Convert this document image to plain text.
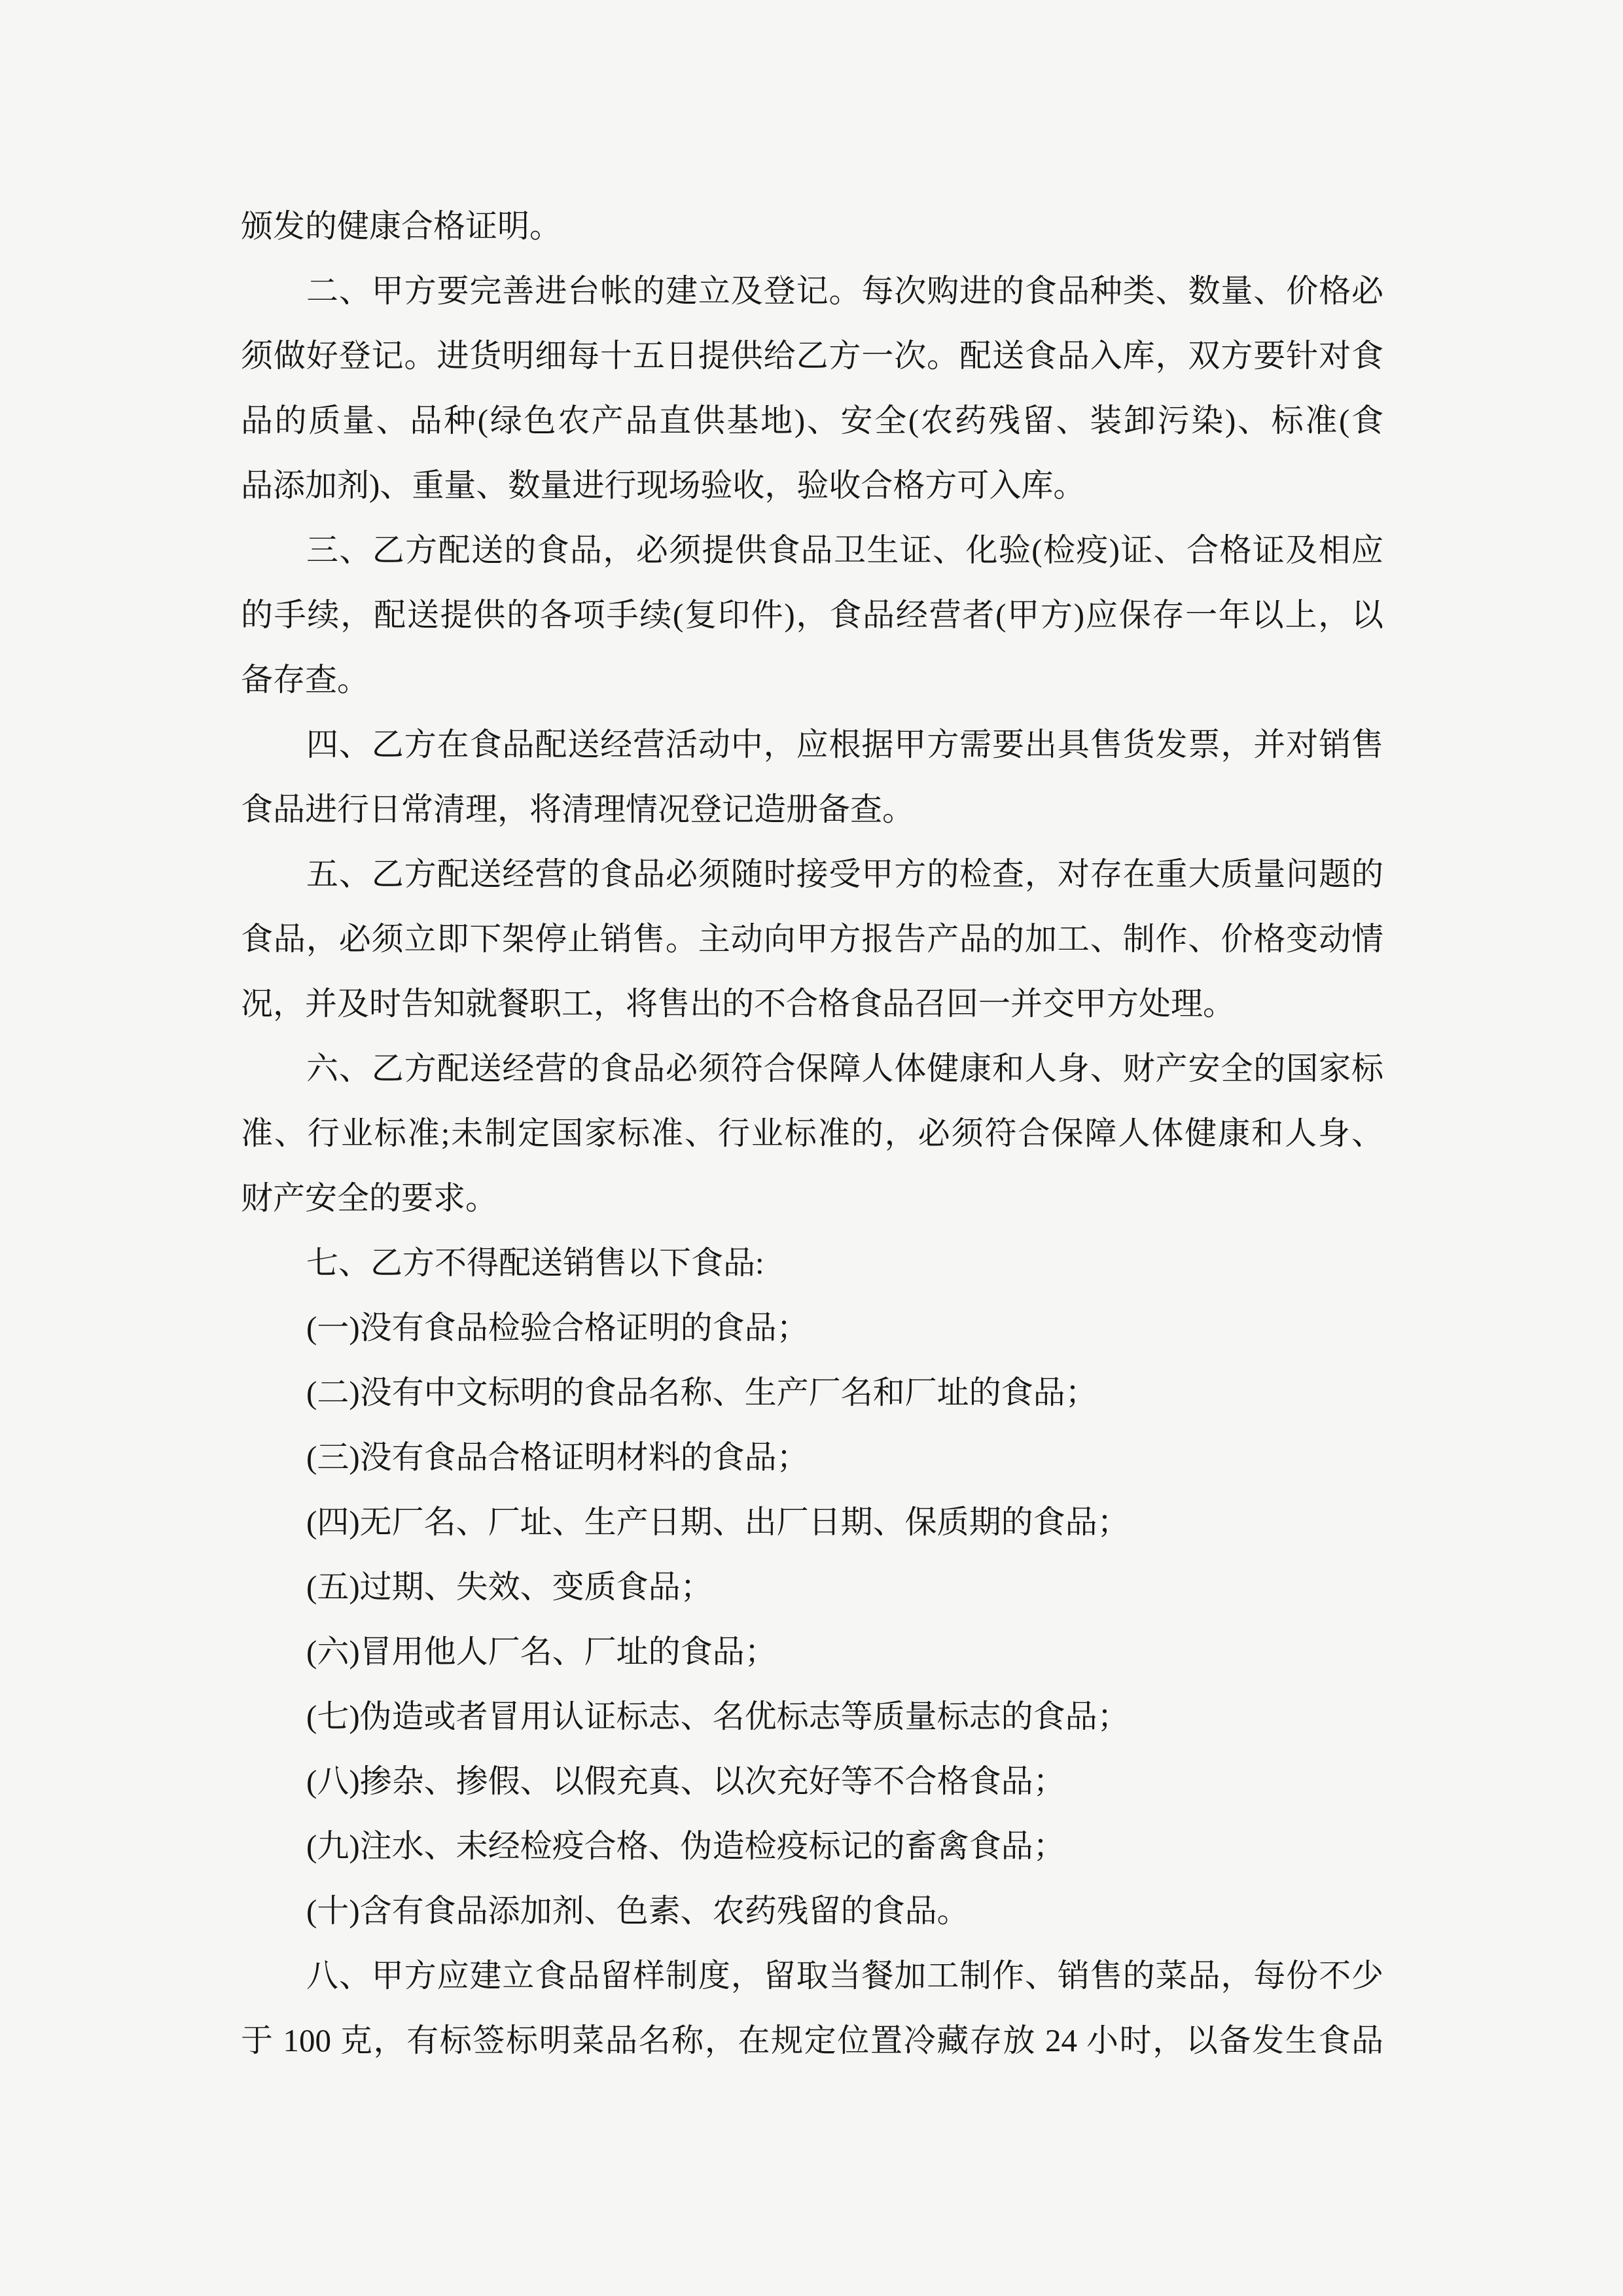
颁发的健康合格证明。
二、甲方要完善进台帐的建立及登记。每次购进的食品种类、数量、价格必
须做好登记。进货明细每十五日提供给乙方一次。配送食品入库，双方要针对食
品的质量、品种(绿色农产品直供基地)、安全(农药残留、装卸污染)、标准(食
品添加剂)、重量、数量进行现场验收，验收合格方可入库。
三、乙方配送的食品，必须提供食品卫生证、化验(检疫)证、合格证及相应
的手续，配送提供的各项手续(复印件)，食品经营者(甲方)应保存一年以上，以
备存查。
四、乙方在食品配送经营活动中，应根据甲方需要出具售货发票，并对销售
食品进行日常清理，将清理情况登记造册备查。
五、乙方配送经营的食品必须随时接受甲方的检查，对存在重大质量问题的
食品，必须立即下架停止销售。主动向甲方报告产品的加工、制作、价格变动情
况，并及时告知就餐职工，将售出的不合格食品召回一并交甲方处理。
六、乙方配送经营的食品必须符合保障人体健康和人身、财产安全的国家标
准、行业标准;未制定国家标准、行业标准的，必须符合保障人体健康和人身、
财产安全的要求。
七、乙方不得配送销售以下食品:
(一)没有食品检验合格证明的食品；
(二)没有中文标明的食品名称、生产厂名和厂址的食品；
(三)没有食品合格证明材料的食品；
(四)无厂名、厂址、生产日期、出厂日期、保质期的食品；
(五)过期、失效、变质食品；
(六)冒用他人厂名、厂址的食品；
(七)伪造或者冒用认证标志、名优标志等质量标志的食品；
(八)掺杂、掺假、以假充真、以次充好等不合格食品；
(九)注水、未经检疫合格、伪造检疫标记的畜禽食品；
(十)含有食品添加剂、色素、农药残留的食品。
八、甲方应建立食品留样制度，留取当餐加工制作、销售的菜品，每份不少
于 100 克，有标签标明菜品名称，在规定位置冷藏存放 24 小时，以备发生食品
